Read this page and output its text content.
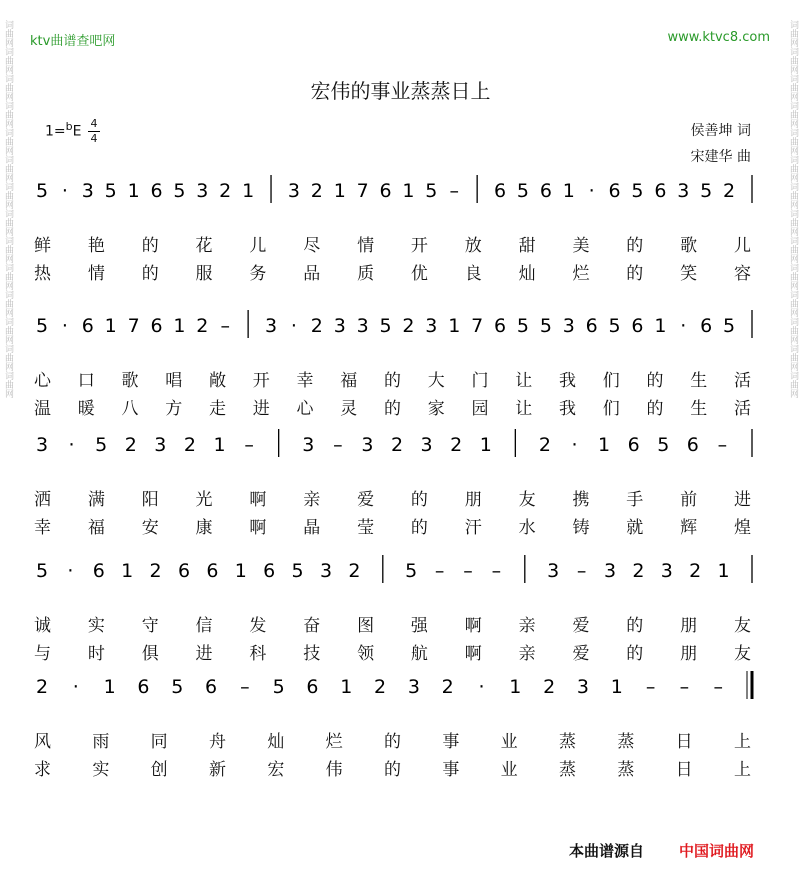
ktv曲谱查吧网	www.ktvc8.com
词曲网词曲网词曲网词曲网词曲网词曲网词曲网词曲网词曲网词曲网词曲网词曲网词曲网词曲网	词曲网词曲网词曲网词曲网词曲网词曲网词曲网词曲网词曲网词曲网词曲网词曲网词曲网词曲网
宏伟的事业蒸蒸日上
1=$^b$E
4
4	侯善坤 词
宋建华 曲
5 · 3 5 1 6 5 3 2 1 3 2 1 7 6 1 5 – 6 5 6 1 · 6 5 6 3 5 2
5 · 6 1 7 6 1 2 – 3 · 2 3 3 5 2 3 1 7 6 5 5 3 6 5 6 1 · 6 5
3 · 5 2 3 2 1 –	3 – 3 2 3 2 1 2 · 1 6 5 6 –
5 · 6 1 2 6 6 1 6 5 3 2 5 – – – 3 – 3 2 3 2 1
2 · 1 6 5 6 – 5 6 1 2 3 2 · 1 2 3 1 – – –
鲜 艳 的 花 儿 尽 情 开 放 甜 美 的 歌 儿
热 情 的 服 务 品 质 优 良 灿 烂 的 笑 容
心 口 歌 唱 敞 开 幸 福 的 大 门 让 我 们 的 生 活
温 暖 八 方 走 进 心 灵 的 家 园 让 我 们 的 生 活
洒 满 阳 光 啊 亲 爱 的 朋 友 携 手 前 进
幸 福 安 康 啊 晶 莹 的 汗 水 铸 就 辉 煌
诚 实 守 信 发 奋 图 强 啊 亲 爱 的 朋 友
与 时 俱 进 科 技 领 航 啊 亲 爱 的 朋 友
风 雨 同 舟 灿 烂 的 事 业 蒸 蒸 日 上
求 实 创 新 宏 伟 的 事 业 蒸 蒸 日 上
本曲谱源自 中国词曲网
